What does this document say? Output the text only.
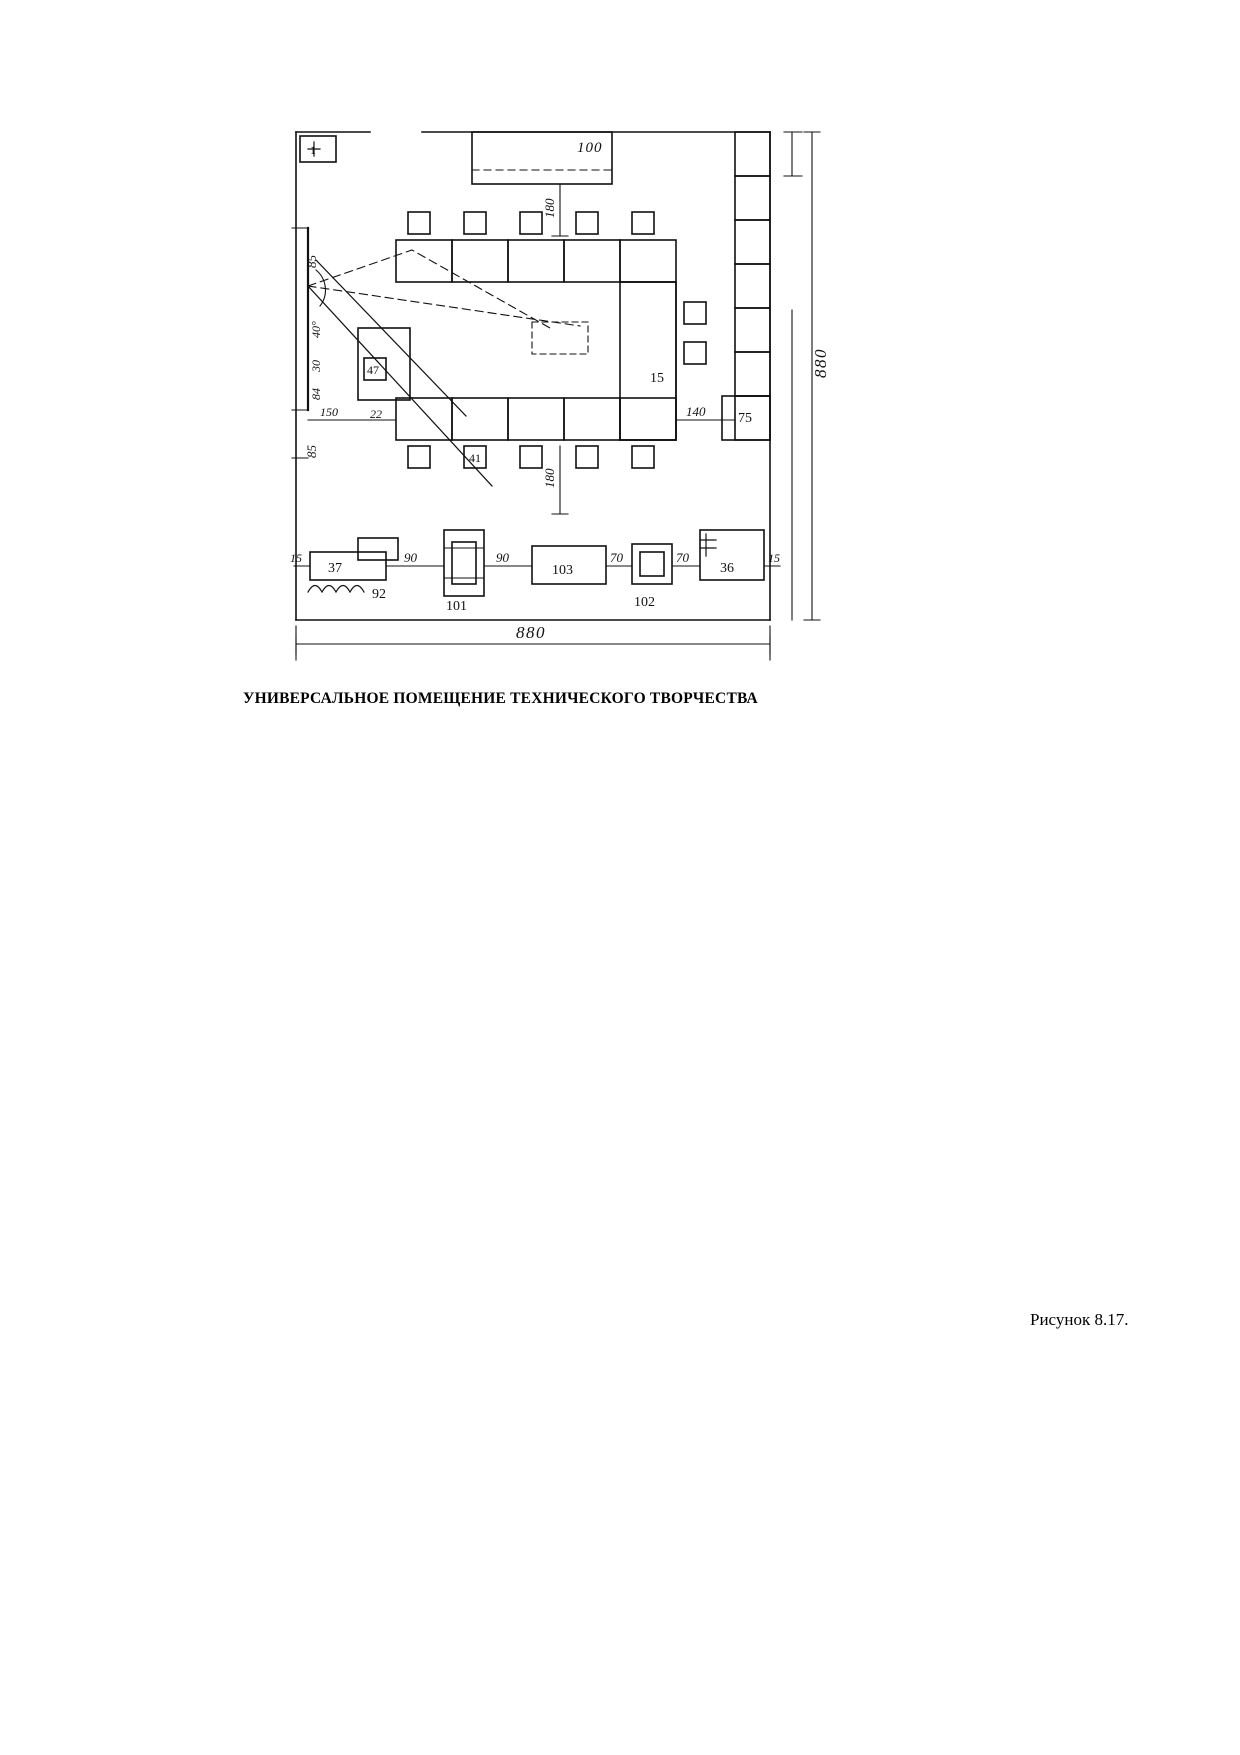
100
180
85
40°
30
84
150	22
85
140
180
15	90	90	70	70	15
880
880
1
15
75
47
41
37
92
101
103
102
36
УНИВЕРСАЛЬНОЕ ПОМЕЩЕНИЕ ТЕХНИЧЕСКОГО ТВОРЧЕСТВА
Рисунок 8.17.
